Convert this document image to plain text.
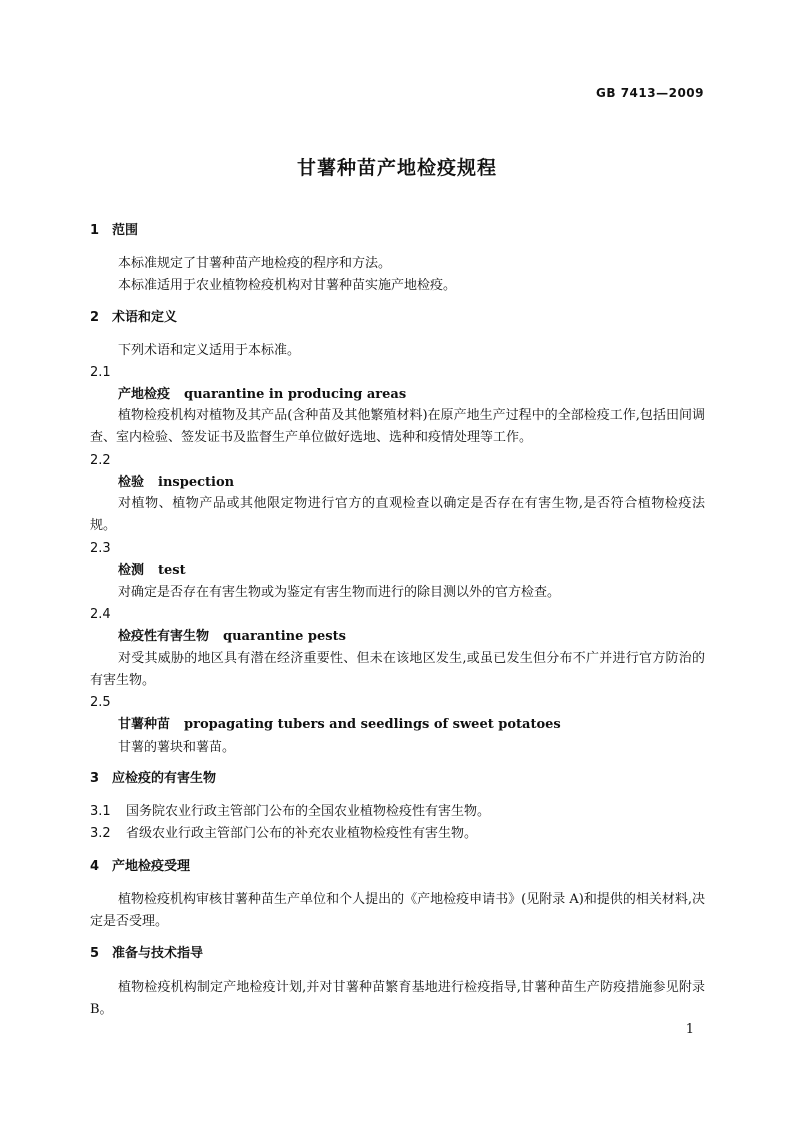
GB 7413—2009
甘薯种苗产地检疫规程
1 范围
本标准规定了甘薯种苗产地检疫的程序和方法。
本标准适用于农业植物检疫机构对甘薯种苗实施产地检疫。
2 术语和定义
下列术语和定义适用于本标准。
2.1
产地检疫 quarantine in producing areas
植物检疫机构对植物及其产品(含种苗及其他繁殖材料)在原产地生产过程中的全部检疫工作,包括田间调查、室内检验、签发证书及监督生产单位做好选地、选种和疫情处理等工作。
2.2
检验 inspection
对植物、植物产品或其他限定物进行官方的直观检查以确定是否存在有害生物,是否符合植物检疫法规。
2.3
检测 test
对确定是否存在有害生物或为鉴定有害生物而进行的除目测以外的官方检查。
2.4
检疫性有害生物 quarantine pests
对受其威胁的地区具有潜在经济重要性、但未在该地区发生,或虽已发生但分布不广并进行官方防治的有害生物。
2.5
甘薯种苗 propagating tubers and seedlings of sweet potatoes
甘薯的薯块和薯苗。
3 应检疫的有害生物
3.1 国务院农业行政主管部门公布的全国农业植物检疫性有害生物。
3.2 省级农业行政主管部门公布的补充农业植物检疫性有害生物。
4 产地检疫受理
植物检疫机构审核甘薯种苗生产单位和个人提出的《产地检疫申请书》(见附录 A)和提供的相关材料,决定是否受理。
5 准备与技术指导
植物检疫机构制定产地检疫计划,并对甘薯种苗繁育基地进行检疫指导,甘薯种苗生产防疫措施参见附录 B。
1
